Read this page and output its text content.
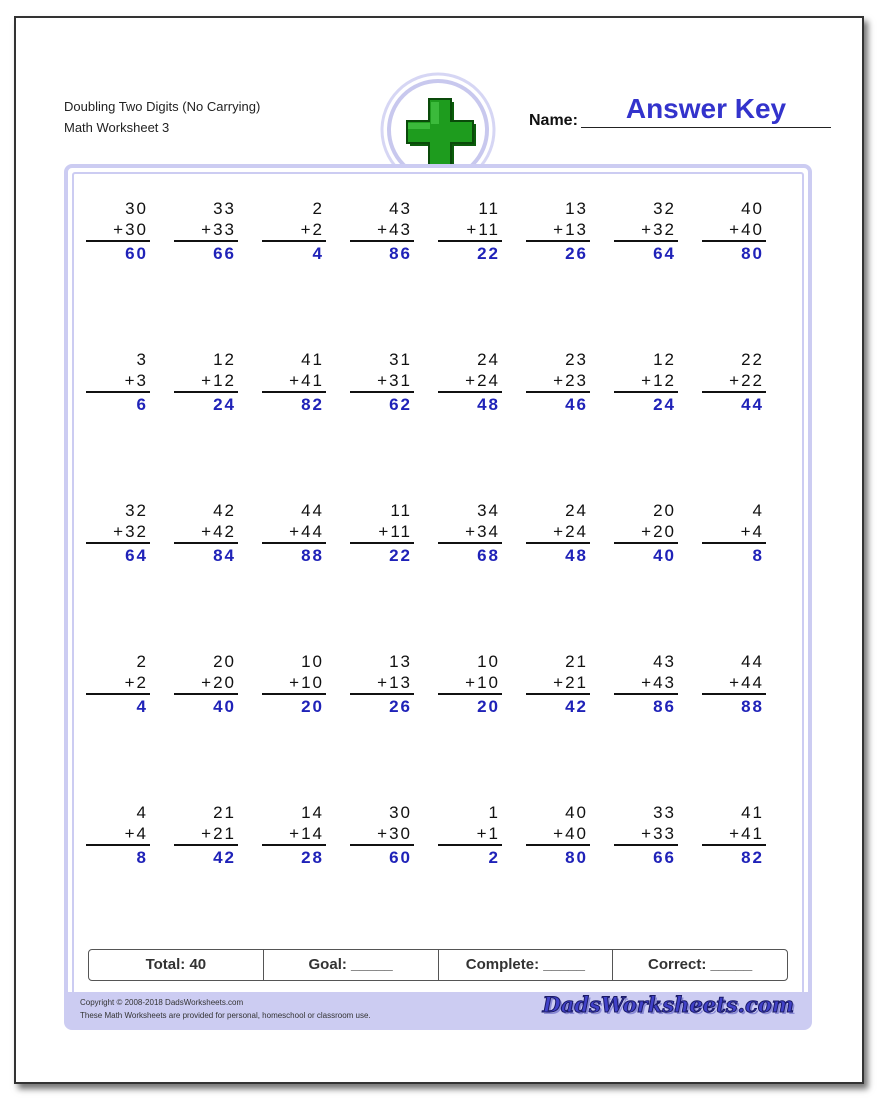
Doubling Two Digits (No Carrying)
Math Worksheet 3	Name:	Answer Key
Copyright © 2008-2018 DadsWorksheets.com
These Math Worksheets are provided for personal, homeschool or classroom use.	DadsWorksheets.com
30
+30
60
33
+33
66
2
+2
4
43
+43
86
11
+11
22
13
+13
26
32
+32
64
40
+40
80
3
+3
6
12
+12
24
41
+41
82
31
+31
62
24
+24
48
23
+23
46
12
+12
24
22
+22
44
32
+32
64
42
+42
84
44
+44
88
11
+11
22
34
+34
68
24
+24
48
20
+20
40
4
+4
8
2
+2
4
20
+20
40
10
+10
20
13
+13
26
10
+10
20
21
+21
42
43
+43
86
44
+44
88
4
+4
8
21
+21
42
14
+14
28
30
+30
60
1
+1
2
40
+40
80
33
+33
66
41
+41
82
Total: 40	Goal: _____	Complete: _____	Correct: _____
